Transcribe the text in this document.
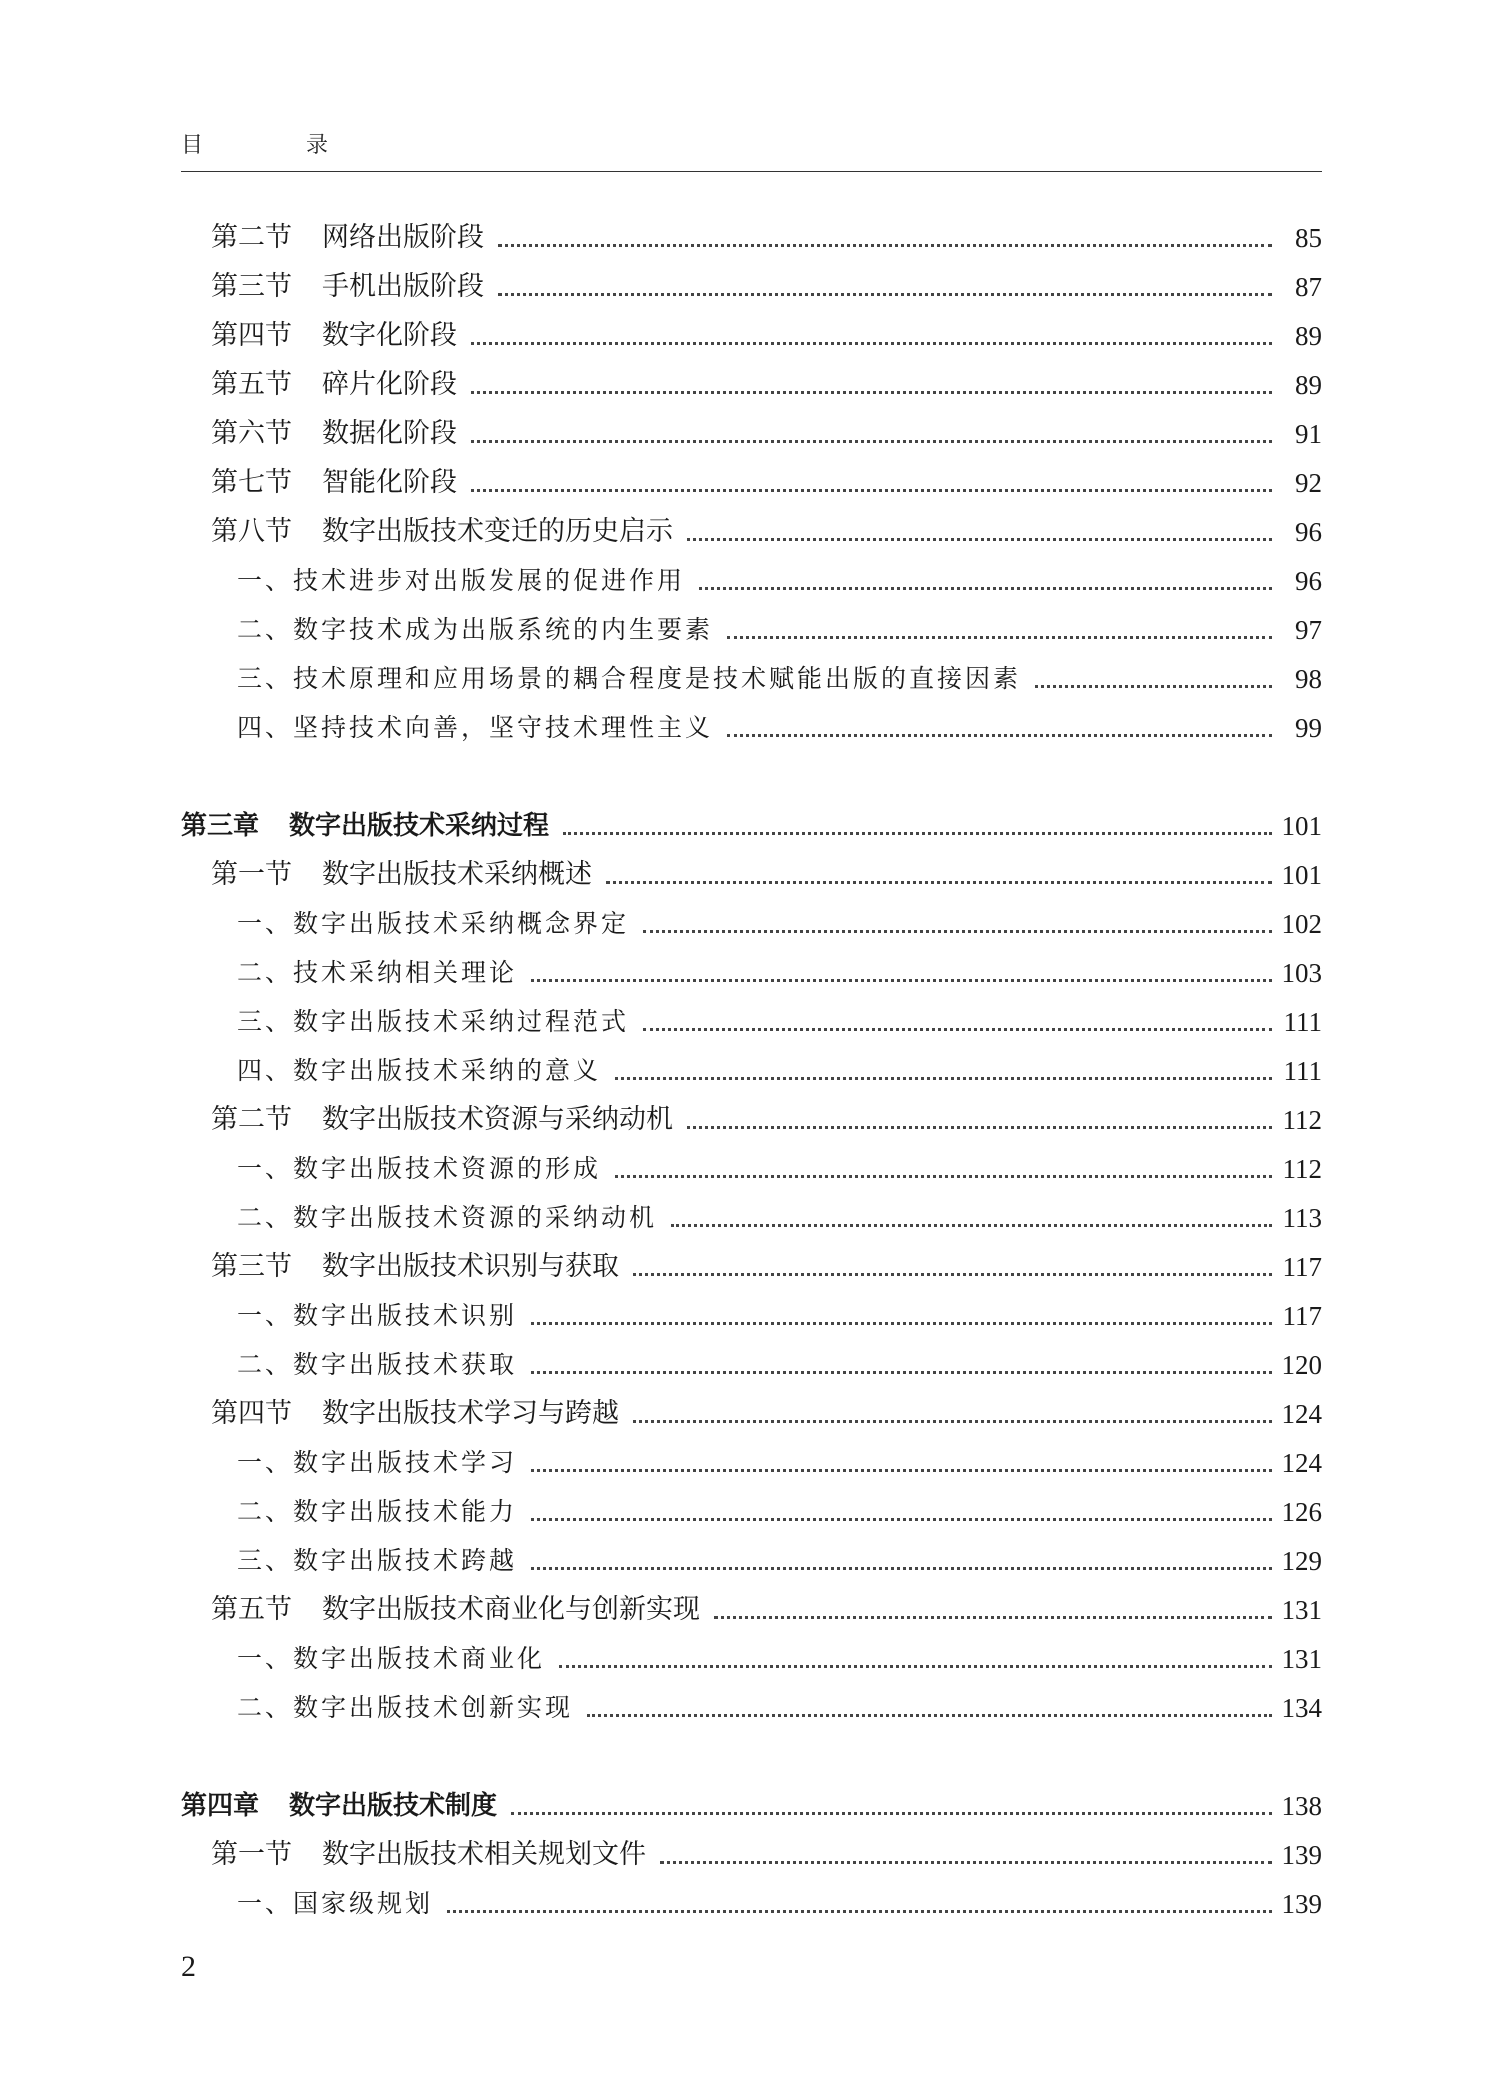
目 录
第二节 网络出版阶段	85
第三节 手机出版阶段	87
第四节 数字化阶段	89
第五节 碎片化阶段	89
第六节 数据化阶段	91
第七节 智能化阶段	92
第八节 数字出版技术变迁的历史启示	96
一、 技术进步对出版发展的促进作用	96
二、 数字技术成为出版系统的内生要素	97
三、 技术原理和应用场景的耦合程度是技术赋能出版的直接因素	98
四、 坚持技术向善，坚守技术理性主义	99
第三章 数字出版技术采纳过程	101
第一节 数字出版技术采纳概述	101
一、 数字出版技术采纳概念界定	102
二、 技术采纳相关理论	103
三、 数字出版技术采纳过程范式	111
四、 数字出版技术采纳的意义	111
第二节 数字出版技术资源与采纳动机	112
一、 数字出版技术资源的形成	112
二、 数字出版技术资源的采纳动机	113
第三节 数字出版技术识别与获取	117
一、 数字出版技术识别	117
二、 数字出版技术获取	120
第四节 数字出版技术学习与跨越	124
一、 数字出版技术学习	124
二、 数字出版技术能力	126
三、 数字出版技术跨越	129
第五节 数字出版技术商业化与创新实现	131
一、 数字出版技术商业化	131
二、 数字出版技术创新实现	134
第四章 数字出版技术制度	138
第一节 数字出版技术相关规划文件	139
一、 国家级规划	139
2
